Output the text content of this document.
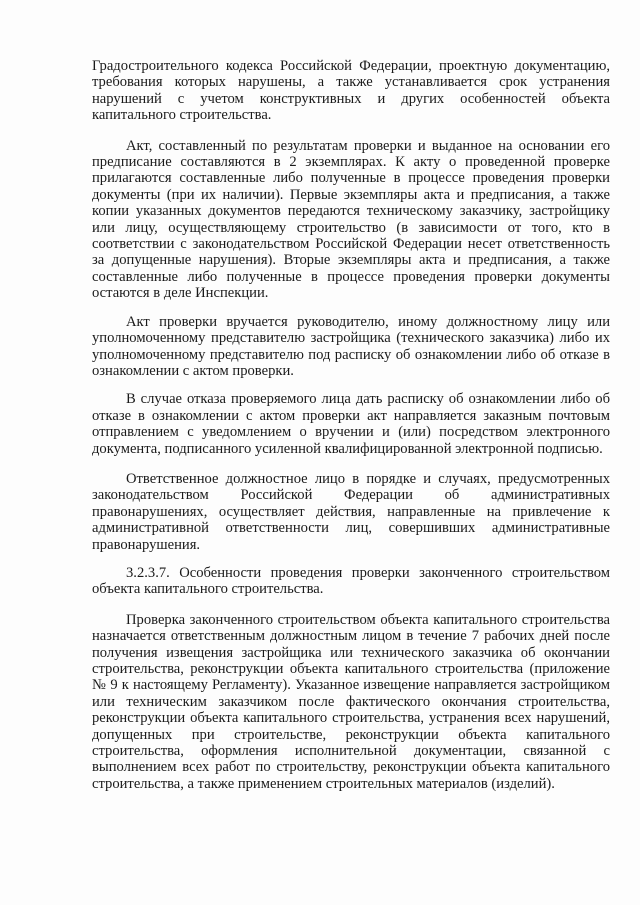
Градостроительного кодекса Российской Федерации, проектную документацию, требования которых нарушены, а также устанавливается срок устранения нарушений с учетом конструктивных и других особенностей объекта капитального строительства.

Акт, составленный по результатам проверки и выданное на основании его предписание составляются в 2 экземплярах. К акту о проведенной проверке прилагаются составленные либо полученные в процессе проведения проверки документы (при их наличии). Первые экземпляры акта и предписания, а также копии указанных документов передаются техническому заказчику, застройщику или лицу, осуществляющему строительство (в зависимости от того, кто в соответствии с законодательством Российской Федерации несет ответственность за допущенные нарушения). Вторые экземпляры акта и предписания, а также составленные либо полученные в процессе проведения проверки документы остаются в деле Инспекции.

Акт проверки вручается руководителю, иному должностному лицу или уполномоченному представителю застройщика (технического заказчика) либо их уполномоченному представителю под расписку об ознакомлении либо об отказе в ознакомлении с актом проверки.

В случае отказа проверяемого лица дать расписку об ознакомлении либо об отказе в ознакомлении с актом проверки акт направляется заказным почтовым отправлением с уведомлением о вручении и (или) посредством электронного документа, подписанного усиленной квалифицированной электронной подписью.

Ответственное должностное лицо в порядке и случаях, предусмотренных законодательством Российской Федерации об административных правонарушениях, осуществляет действия, направленные на привлечение к административной ответственности лиц, совершивших административные правонарушения.

3.2.3.7. Особенности проведения проверки законченного строительством объекта капитального строительства.

Проверка законченного строительством объекта капитального строительства назначается ответственным должностным лицом в течение 7 рабочих дней после получения извещения застройщика или технического заказчика об окончании строительства, реконструкции объекта капитального строительства (приложение № 9 к настоящему Регламенту). Указанное извещение направляется застройщиком или техническим заказчиком после фактического окончания строительства, реконструкции объекта капитального строительства, устранения всех нарушений, допущенных при строительстве, реконструкции объекта капитального строительства, оформления исполнительной документации, связанной с выполнением всех работ по строительству, реконструкции объекта капитального строительства, а также применением строительных материалов (изделий).
